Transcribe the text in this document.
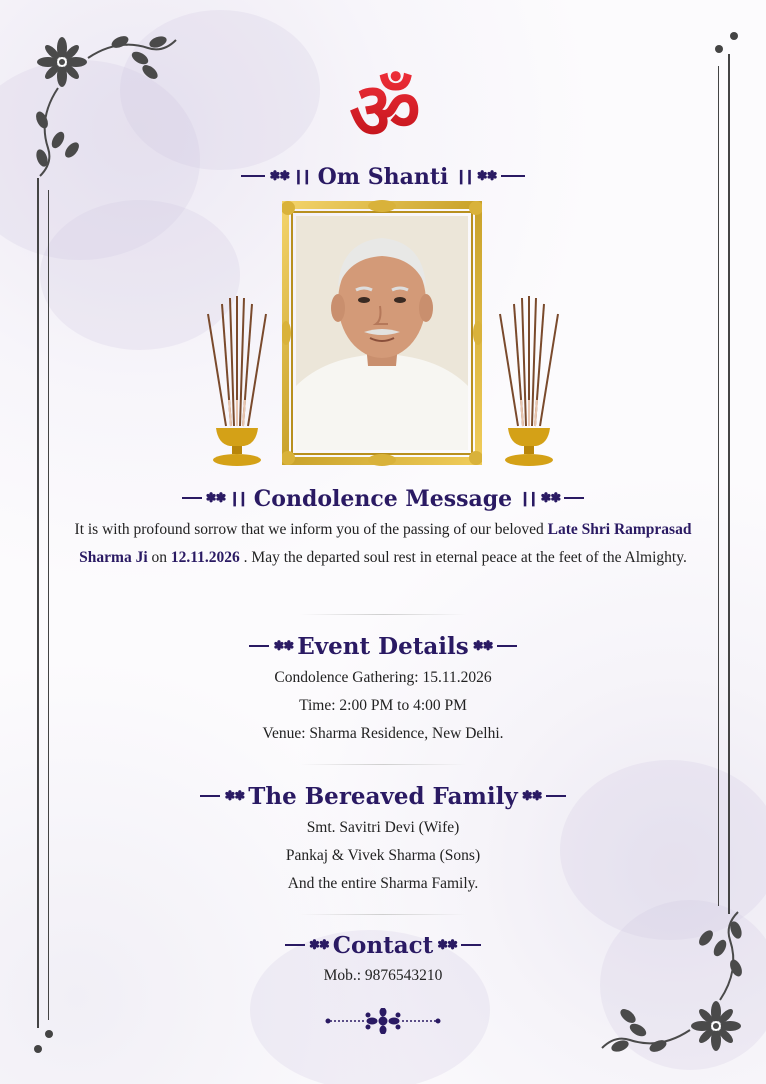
ॐ
✽✽ ।। Om Shanti ।। ✽✽
✽✽ ।। Condolence Message ।। ✽✽
It is with profound sorrow that we inform you of the passing of our beloved Late Shri Ramprasad Sharma Ji on 12.11.2026 . May the departed soul rest in eternal peace at the feet of the Almighty.
✽✽ Event Details ✽✽
Condolence Gathering: 15.11.2026
Time: 2:00 PM to 4:00 PM
Venue: Sharma Residence, New Delhi.
✽✽ The Bereaved Family ✽✽
Smt. Savitri Devi (Wife)
Pankaj & Vivek Sharma (Sons)
And the entire Sharma Family.
✽✽ Contact ✽✽
Mob.: 9876543210
